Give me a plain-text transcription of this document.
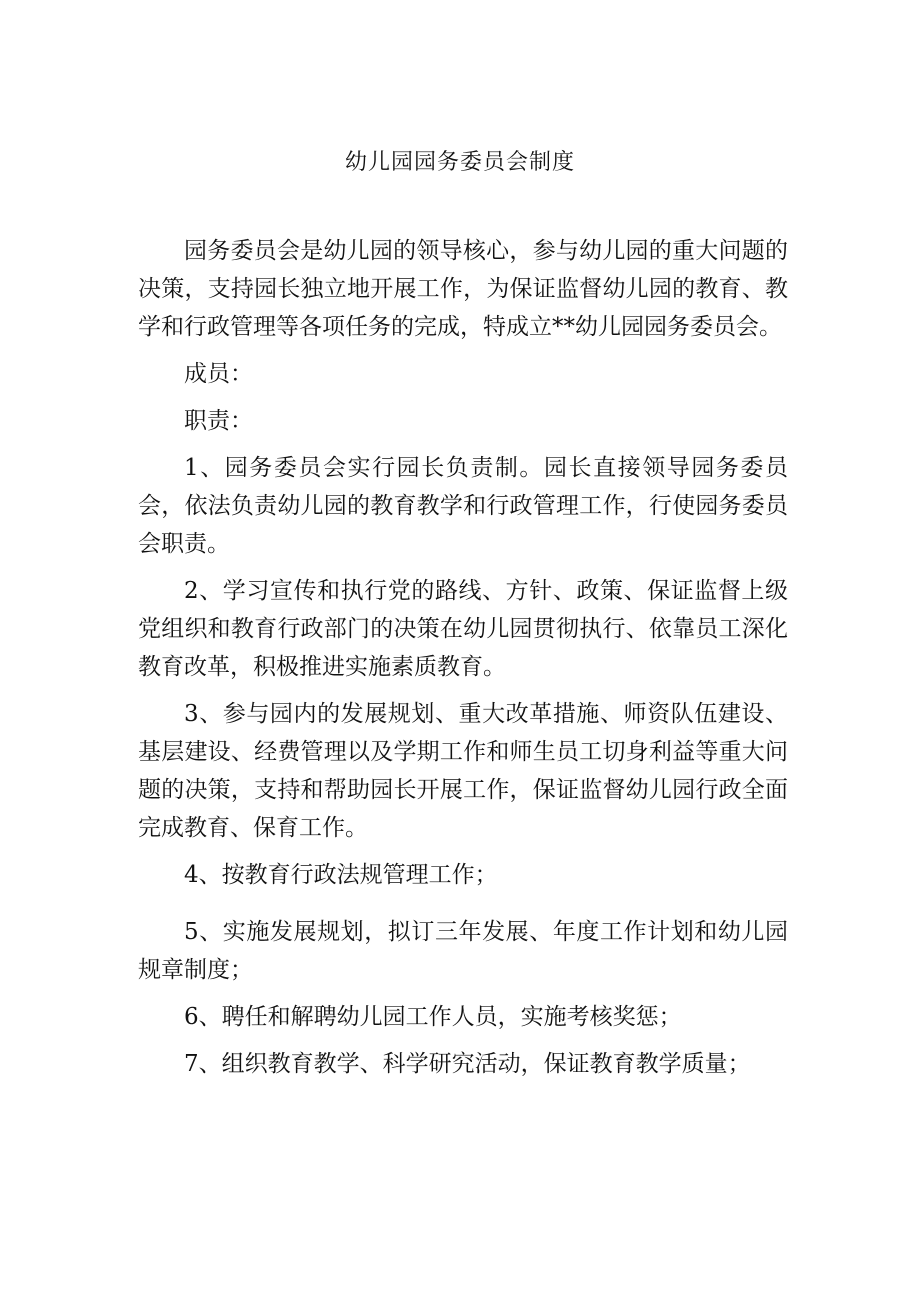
幼儿园园务委员会制度

园务委员会是幼儿园的领导核心，参与幼儿园的重大问题的决策，支持园长独立地开展工作，为保证监督幼儿园的教育、教学和行政管理等各项任务的完成，特成立**幼儿园园务委员会。

成员：

职责：

1、园务委员会实行园长负责制。园长直接领导园务委员会，依法负责幼儿园的教育教学和行政管理工作，行使园务委员会职责。

2、学习宣传和执行党的路线、方针、政策、保证监督上级党组织和教育行政部门的决策在幼儿园贯彻执行、依靠员工深化教育改革，积极推进实施素质教育。

3、参与园内的发展规划、重大改革措施、师资队伍建设、基层建设、经费管理以及学期工作和师生员工切身利益等重大问题的决策，支持和帮助园长开展工作，保证监督幼儿园行政全面完成教育、保育工作。

4、按教育行政法规管理工作；

5、实施发展规划，拟订三年发展、年度工作计划和幼儿园规章制度；

6、聘任和解聘幼儿园工作人员，实施考核奖惩；

7、组织教育教学、科学研究活动，保证教育教学质量；
